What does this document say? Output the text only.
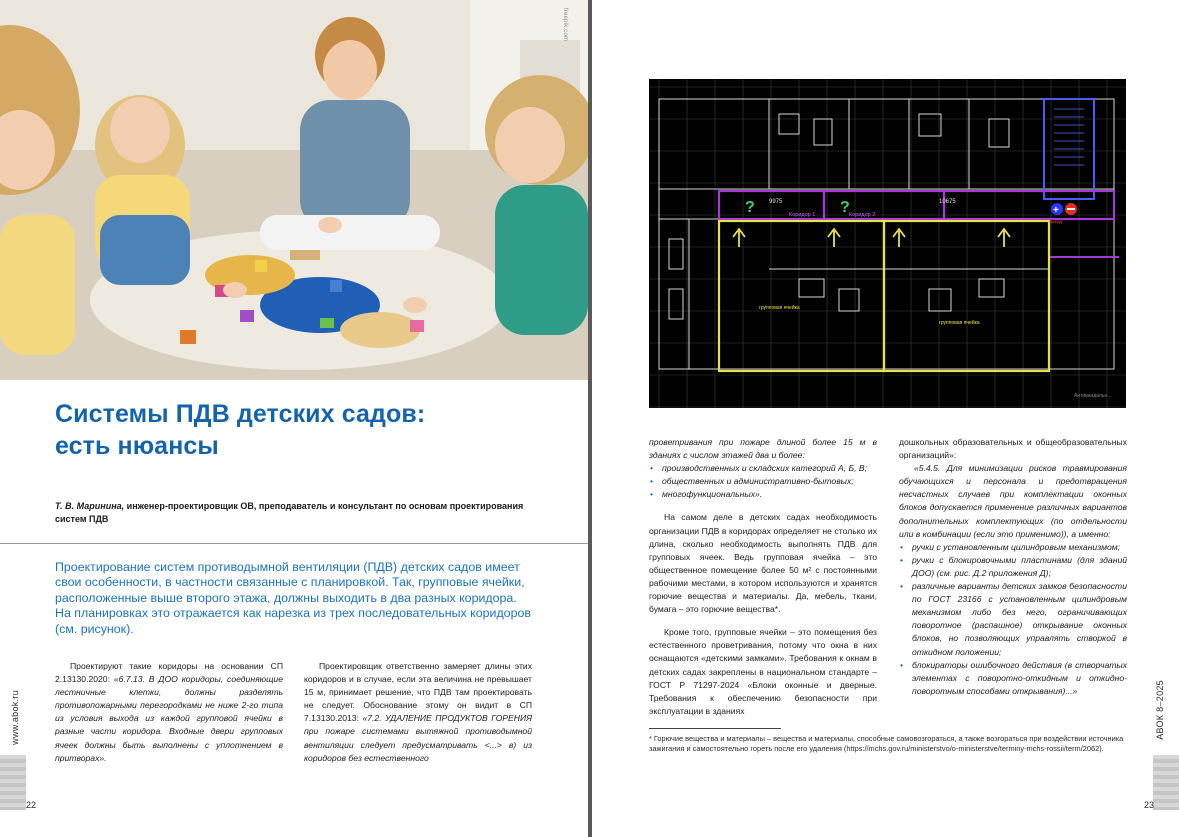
freepik.com
Системы ПДВ детских садов:
есть нюансы
Т. В. Маринина, инженер-проектировщик ОВ, преподаватель и консультант по основам проектирования систем ПДВ
Проектирование систем противодымной вентиляции (ПДВ) детских садов имеет свои особенности, в частности связанные с планировкой. Так, групповые ячейки, расположенные выше второго этажа, должны выходить в два разных коридора. На планировках это отражается как нарезка из трех последовательных коридоров (см. рисунок).

Проектируют такие коридоры на основании СП 2.13130.2020: «6.7.13. В ДОО коридоры, соединяющие лестничные клетки, должны разделять противопожарными перегородками не ниже 2-го типа из условия выхода из каждой групповой ячейки в разные части коридора. Входные двери групповых ячеек должны быть выполнены с уплотнением в притворах».

Проектировщик ответственно замеряет длины этих коридоров и в случае, если эта величина не превышает 15 м, принимает решение, что ПДВ там проектировать не следует. Обоснование этому он видит в СП 7.13130.2013: «7.2. УДАЛЕНИЕ ПРОДУКТОВ ГОРЕНИЯ при пожаре системами вытяжной противодымной вентиляции следует предусматривать <...> в) из коридоров без естественного

www.abok.ru
22
?	?	+
9975	10675
Коридор 1	Коридор 2
групповая ячейка
групповая ячейка
выход
Антивандальн...

проветривания при пожаре длиной более 15 м в зданиях с числом этажей два и более:

• производственных и складских категорий А, Б, В;
• общественных и административно-бытовых;
• многофункциональных».

На самом деле в детских садах необходимость организации ПДВ в коридорах определяет не столько их длина, сколько необходимость выполнять ПДВ для групповых ячеек. Ведь групповая ячейка – это общественное помещение более 50 м² с постоянными рабочими местами, в котором используются и хранятся горючие вещества и материалы. Да, мебель, ткани, бумага – это горючие вещества*.

Кроме того, групповые ячейки – это помещения без естественного проветривания, потому что окна в них оснащаются «детскими замками». Требования к окнам в детских садах закреплены в национальном стандарте – ГОСТ Р 71297-2024 «Блоки оконные и дверные. Требования к обеспечению безопасности при эксплуатации в зданиях

дошкольных образовательных и общеобразовательных организаций»:

«5.4.5. Для минимизации рисков травмирования обучающихся и персонала и предотвращения несчастных случаев при комплектации оконных блоков допускается применение различных вариантов дополнительных комплектующих (по отдельности или в комбинации (если это применимо)), а именно:

• ручки с установленным цилиндровым механизмом;
• ручки с блокировочными пластинами (для зданий ДОО) (см. рис. Д.2 приложения Д);
• различные варианты детских замков безопасности по ГОСТ 23166 с установленным цилиндровым механизмом либо без него, ограничивающих поворотное (распашное) открывание оконных блоков, но позволяющих управлять створкой в откидном положении;
• блокираторы ошибочного действия (в створчатых элементах с поворотно-откидным и откидно-поворотным способами открывания)...»
* Горючие вещества и материалы – вещества и материалы, способные самовозгораться, а также возгораться при воздействии источника зажигания и самостоятельно гореть после его удаления (https://mchs.gov.ru/ministerstvo/o-ministerstve/terminy-mchs-rossii/term/2062).
АВОК 8–2025
23
